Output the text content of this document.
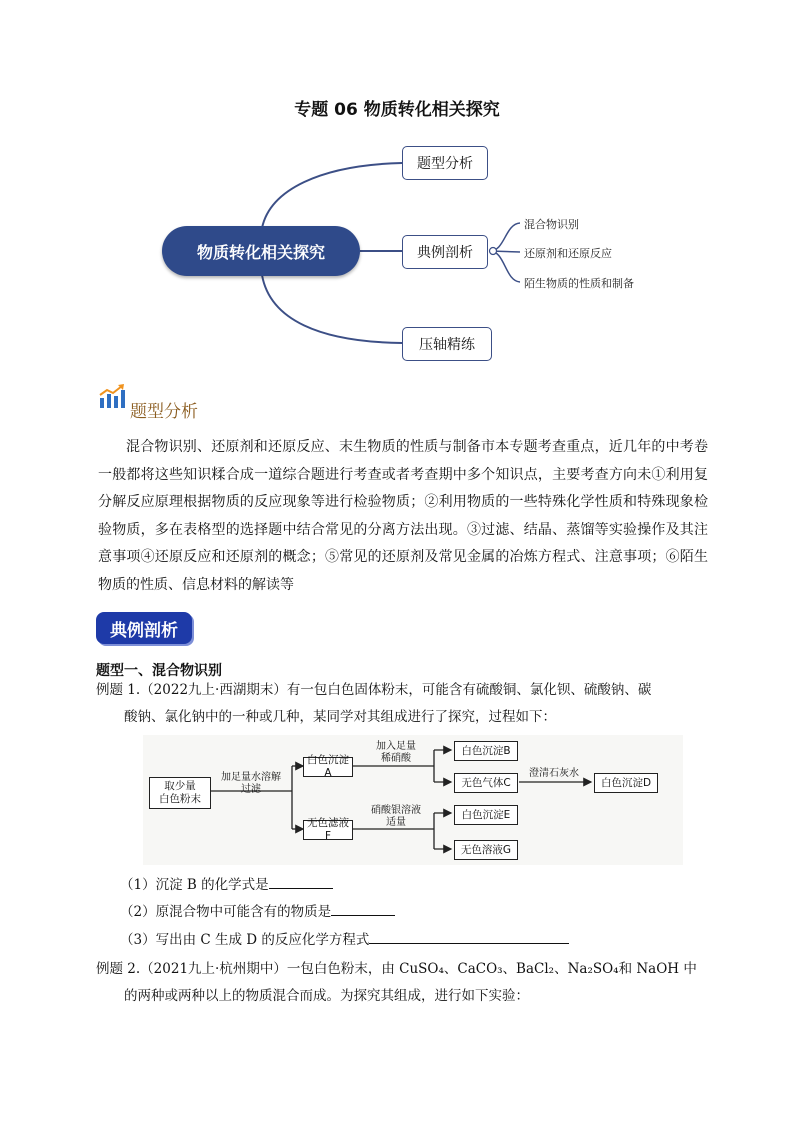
专题 06 物质转化相关探究
物质转化相关探究
题型分析
典例剖析
压轴精练
混合物识别
还原剂和还原反应
陌生物质的性质和制备
题型分析
混合物识别、还原剂和还原反应、末生物质的性质与制备市本专题考查重点，近几年的中考卷一般都将这些知识糅合成一道综合题进行考查或者考查期中多个知识点，主要考查方向未①利用复分解反应原理根据物质的反应现象等进行检验物质；②利用物质的一些特殊化学性质和特殊现象检验物质，多在表格型的选择题中结合常见的分离方法出现。③过滤、结晶、蒸馏等实验操作及其注意事项④还原反应和还原剂的概念；⑤常见的还原剂及常见金属的冶炼方程式、注意事项；⑥陌生物质的性质、信息材料的解读等
典例剖析
题型一、混合物识别
例题 1.（2022九上·西湖期末）有一包白色固体粉末，可能含有硫酸铜、氯化钡、硫酸钠、碳
酸钠、氯化钠中的一种或几种，某同学对其组成进行了探究，过程如下：
取少量
白色粉末
加足量水溶解
过滤
白色沉淀 A
无色滤液 F
加入足量
稀硝酸
硝酸银溶液
适量
白色沉淀B
无色气体C
澄清石灰水
白色沉淀D
白色沉淀E
无色溶液G
（1）沉淀 B 的化学式是
（2）原混合物中可能含有的物质是
（3）写出由 C 生成 D 的反应化学方程式
例题 2.（2021九上·杭州期中）一包白色粉末，由 CuSO₄、CaCO₃、BaCl₂、Na₂SO₄和 NaOH 中
的两种或两种以上的物质混合而成。为探究其组成，进行如下实验：
